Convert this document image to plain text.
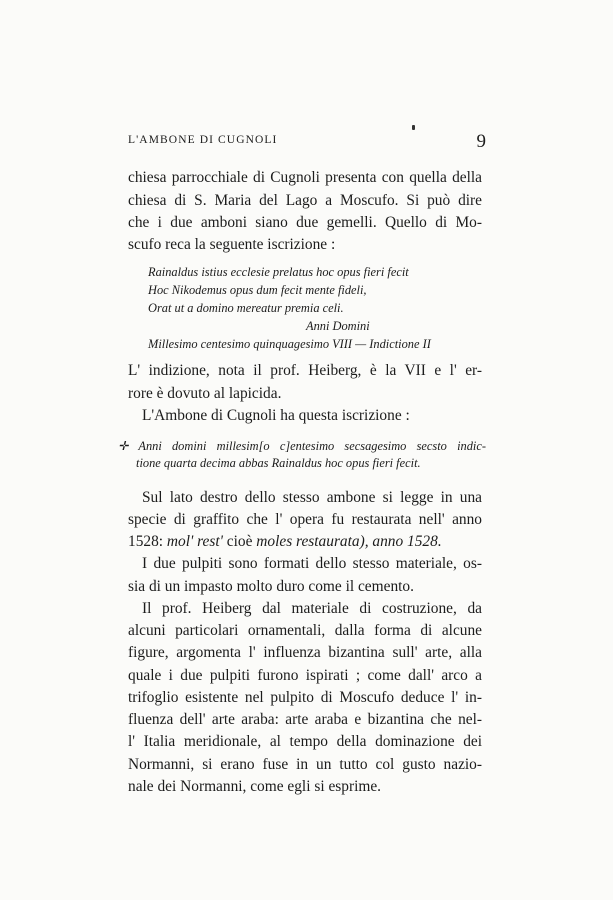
L'AMBONE DI CUGNOLI	9
chiesa parrocchiale di Cugnoli presenta con quella della
chiesa di S. Maria del Lago a Moscufo. Si può dire
che i due amboni siano due gemelli. Quello di Mo-
scufo reca la seguente iscrizione :
Rainaldus istius ecclesie prelatus hoc opus fieri fecit
Hoc Nikodemus opus dum fecit mente fideli,
Orat ut a domino mereatur premia celi.
Anni Domini
Millesimo centesimo quinquagesimo VIII — Indictione II
L' indizione, nota il prof. Heiberg, è la VII e l' er-
rore è dovuto al lapicida.
L'Ambone di Cugnoli ha questa iscrizione :
✛ Anni domini millesim[o c]entesimo secsagesimo secsto indic-
tione quarta decima abbas Rainaldus hoc opus fieri fecit.
Sul lato destro dello stesso ambone si legge in una
specie di graffito che l' opera fu restaurata nell' anno
1528: mol' rest' cioè moles restaurata), anno 1528.
I due pulpiti sono formati dello stesso materiale, os-
sia di un impasto molto duro come il cemento.
Il prof. Heiberg dal materiale di costruzione, da
alcuni particolari ornamentali, dalla forma di alcune
figure, argomenta l' influenza bizantina sull' arte, alla
quale i due pulpiti furono ispirati ; come dall' arco a
trifoglio esistente nel pulpito di Moscufo deduce l' in-
fluenza dell' arte araba: arte araba e bizantina che nel-
l' Italia meridionale, al tempo della dominazione dei
Normanni, si erano fuse in un tutto col gusto nazio-
nale dei Normanni, come egli si esprime.
